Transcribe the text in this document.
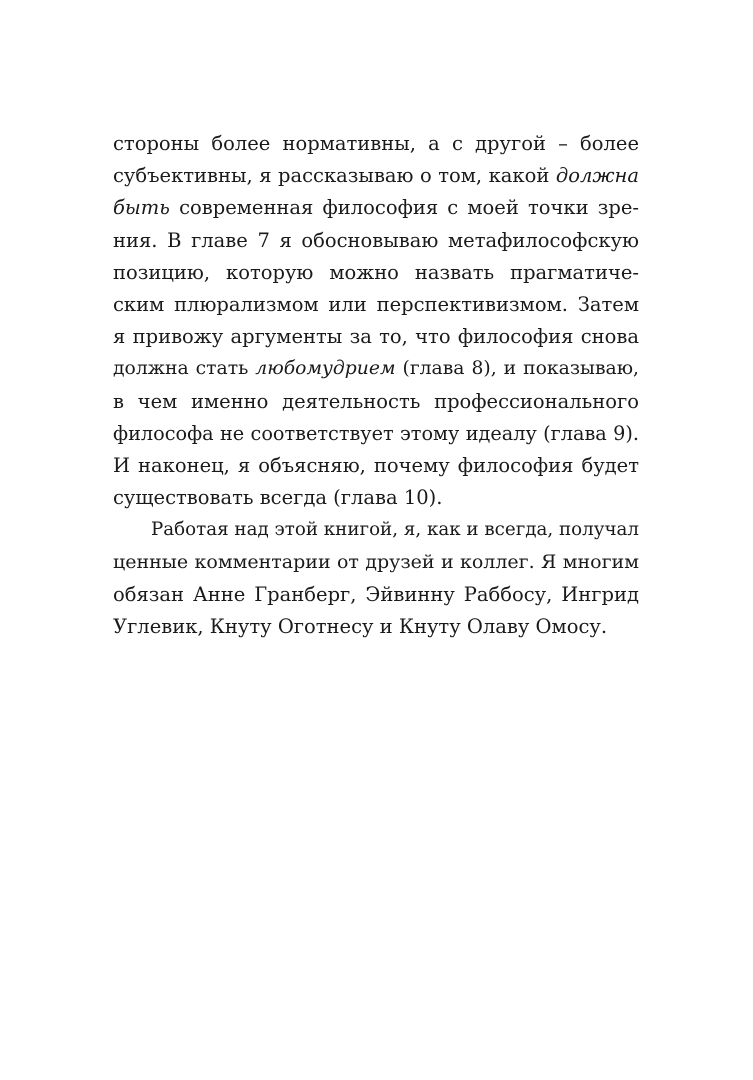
стороны более нормативны, а с другой – более
субъективны, я рассказываю о том, какой должна
быть современная философия с моей точки зре-
ния. В главе 7 я обосновываю метафилософскую
позицию, которую можно назвать прагматиче-
ским плюрализмом или перспективизмом. Затем
я привожу аргументы за то, что философия снова
должна стать любомудрием (глава 8), и показываю,
в чем именно деятельность профессионального
философа не соответствует этому идеалу (глава 9).
И наконец, я объясняю, почему философия будет
существовать всегда (глава 10).
Работая над этой книгой, я, как и всегда, получал
ценные комментарии от друзей и коллег. Я многим
обязан Анне Гранберг, Эйвинну Раббосу, Ингрид
Углевик, Кнуту Оготнесу и Кнуту Олаву Омосу.
